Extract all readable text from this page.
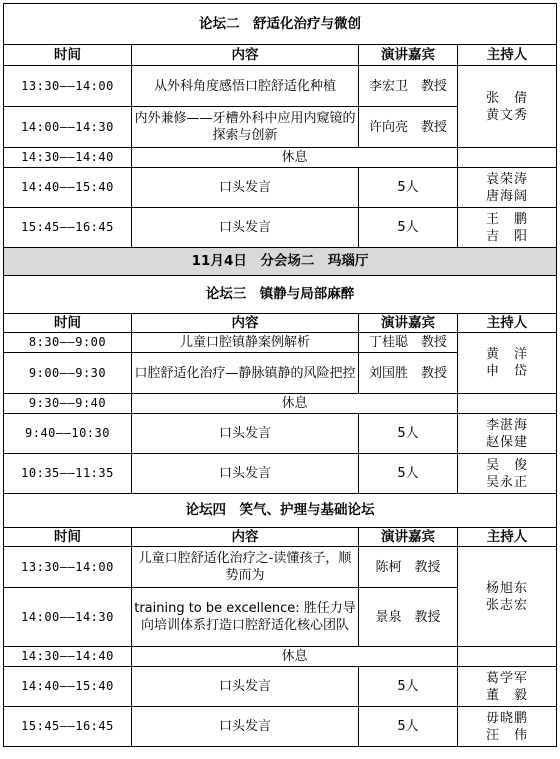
论坛二　舒适化治疗与微创			
时间	内容	演讲嘉宾	主持人
13:30——14:00	从外科角度感悟口腔舒适化种植	李宏卫　教授	张　倩
黄文秀

14:00——14:30	内外兼修——牙槽外科中应用内窥镜的探索与创新	许向亮　教授	
14:30——14:40	休息		
14:40——15:40	口头发言	5人	袁荣涛
唐海阔

15:45——16:45	口头发言	5人	王　鹏
吉　阳

11月4日　分会场二　玛瑙厅			
论坛三　镇静与局部麻醉			
时间	内容	演讲嘉宾	主持人
8:30——9:00	儿童口腔镇静案例解析	丁桂聪　教授	黄　洋
申　岱

9:00——9:30	口腔舒适化治疗—静脉镇静的风险把控	刘国胜　教授	
9:30——9:40	休息		
9:40——10:30	口头发言	5人	李湛海
赵保建

10:35——11:35	口头发言	5人	吴　俊
吴永正

论坛四　笑气、护理与基础论坛			
时间	内容	演讲嘉宾	主持人
13:30——14:00	儿童口腔舒适化治疗之-读懂孩子，顺势而为	陈柯　教授	杨旭东
张志宏

14:00——14:30	training to be excellence: 胜任力导向培训体系打造口腔舒适化核心团队	景泉　教授	
14:30——14:40	休息		
14:40——15:40	口头发言	5人	葛学军
董　毅

15:45——16:45	口头发言	5人	毋晓鹏
汪　伟
